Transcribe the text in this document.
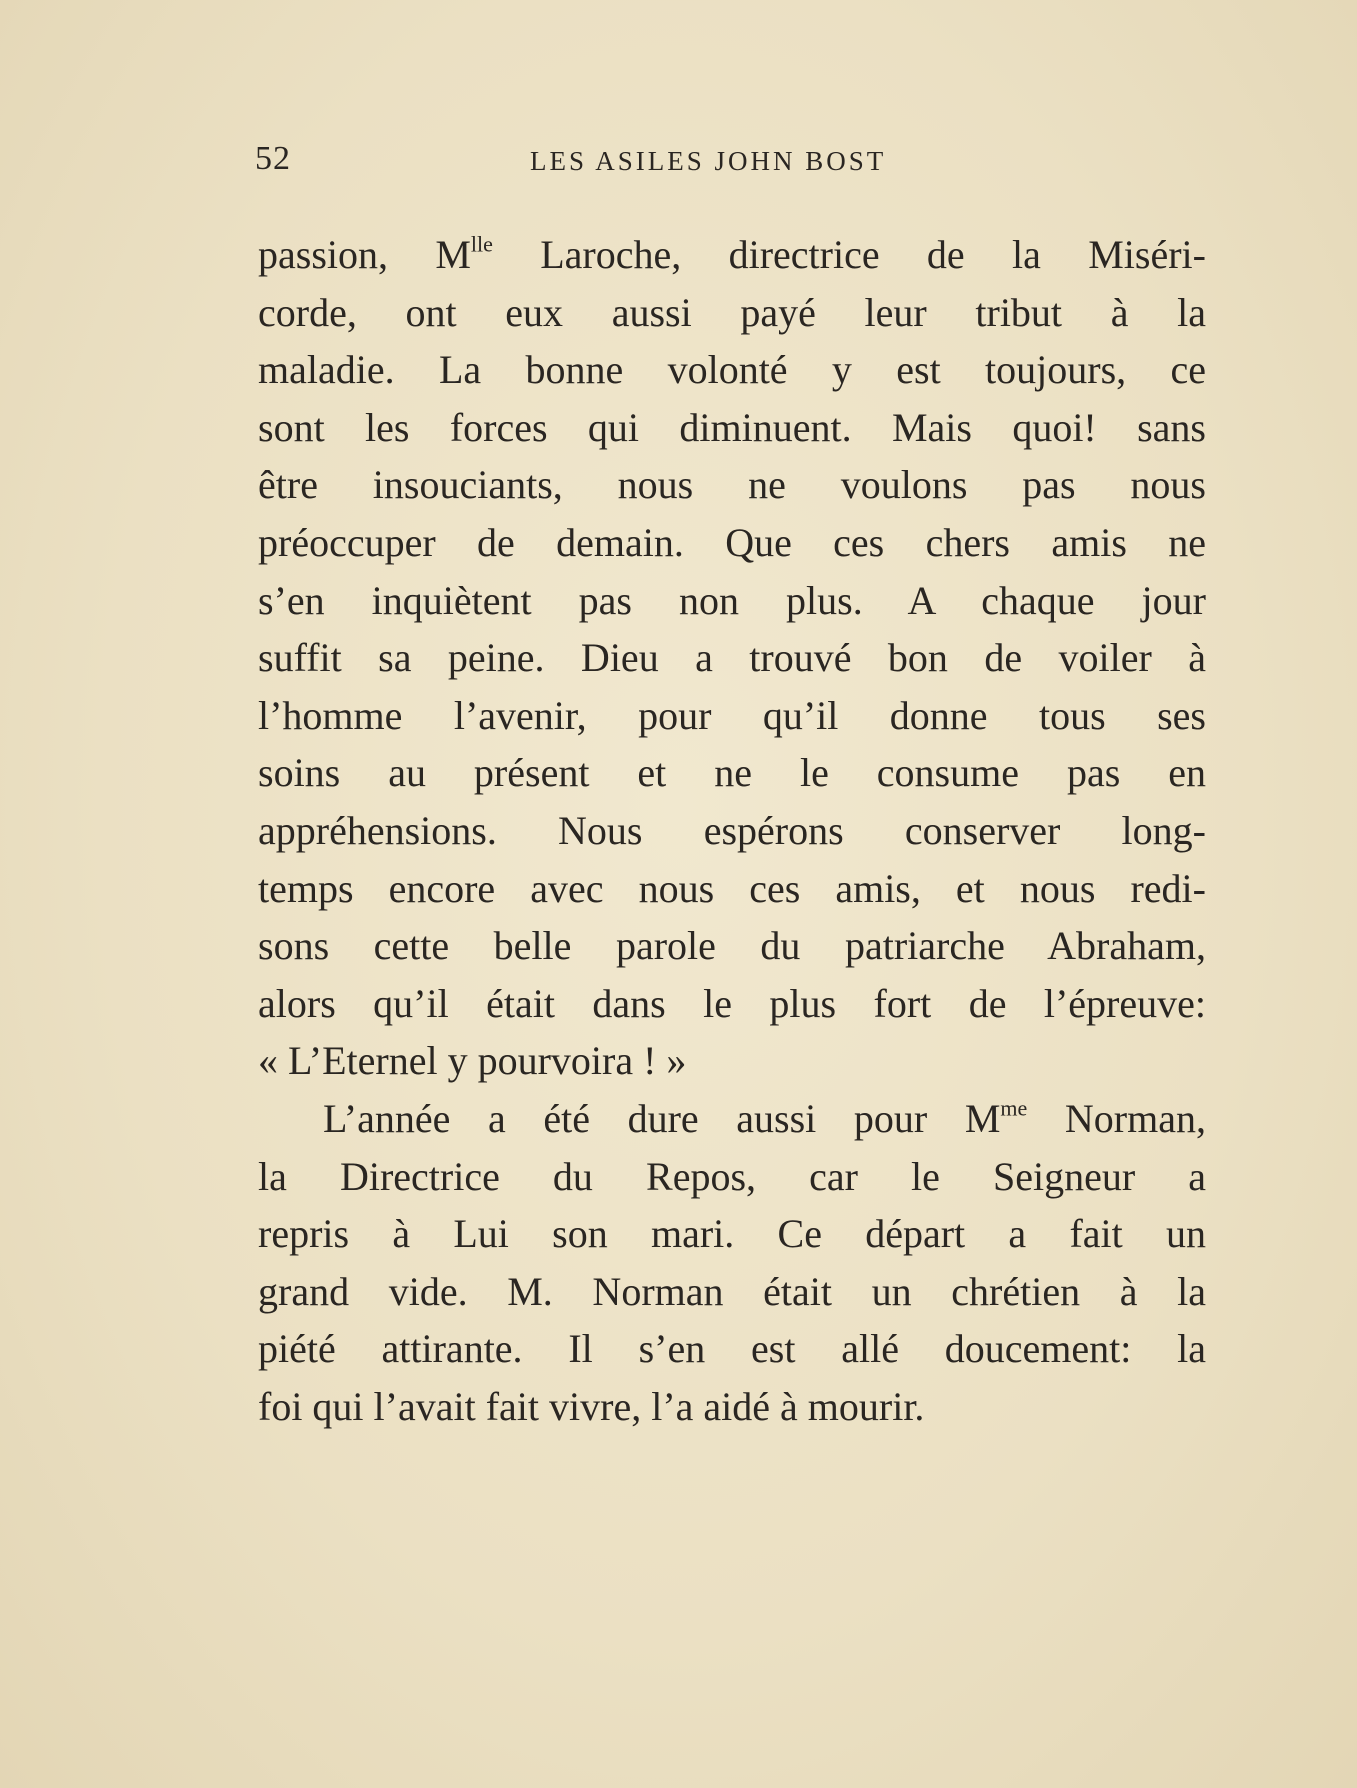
52	LES ASILES JOHN BOST
passion, $M^{lle}$ Laroche, directrice de la Miséri-
corde, ont eux aussi payé leur tribut à la
maladie. La bonne volonté y est toujours, ce
sont les forces qui diminuent. Mais quoi! sans
être insouciants, nous ne voulons pas nous
préoccuper de demain. Que ces chers amis ne
s’en inquiètent pas non plus. A chaque jour
suffit sa peine. Dieu a trouvé bon de voiler à
l’homme l’avenir, pour qu’il donne tous ses
soins au présent et ne le consume pas en
appréhensions. Nous espérons conserver long-
temps encore avec nous ces amis, et nous redi-
sons cette belle parole du patriarche Abraham,
alors qu’il était dans le plus fort de l’épreuve:
« L’Eternel y pourvoira ! »
L’année a été dure aussi pour $M^{me}$ Norman,
la Directrice du Repos, car le Seigneur a
repris à Lui son mari. Ce départ a fait un
grand vide. M. Norman était un chrétien à la
piété attirante. Il s’en est allé doucement: la
foi qui l’avait fait vivre, l’a aidé à mourir.
